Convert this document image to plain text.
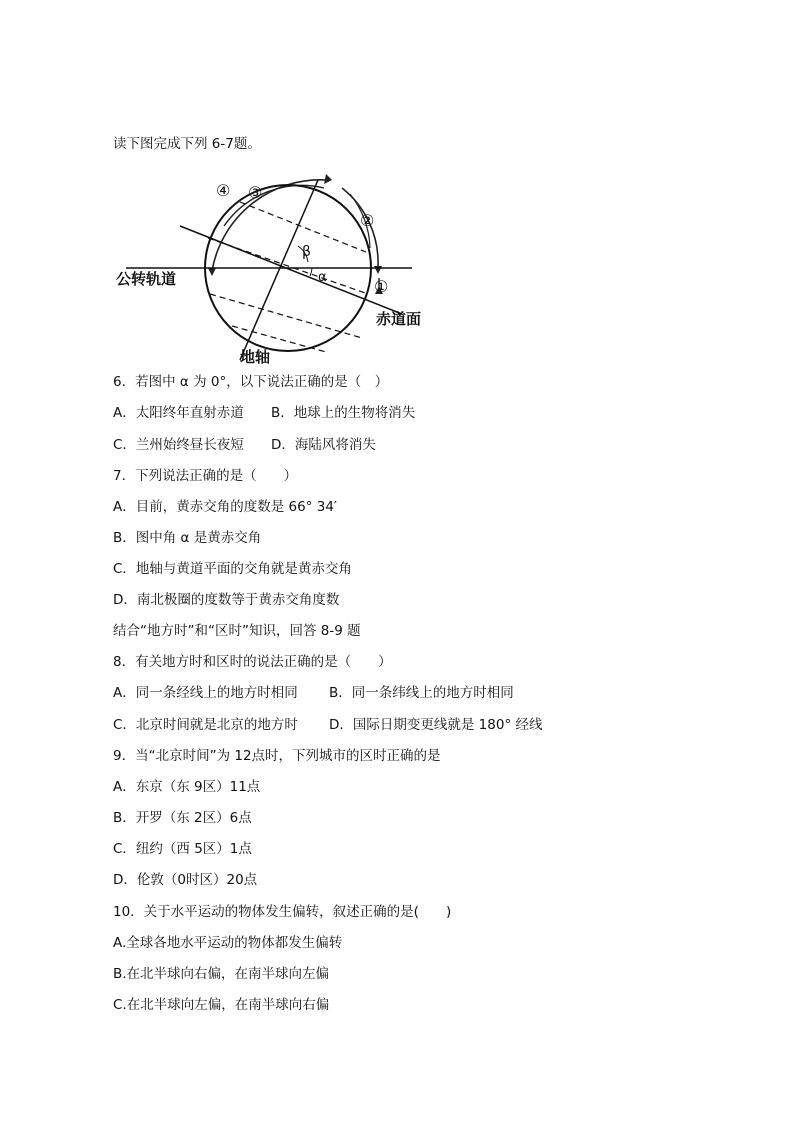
读下图完成下列 6-7题。
公转轨道
赤道面
地轴
β
α
④ ③
②
①
6．若图中 α 为 0°，以下说法正确的是（　）

A．太阳终年直射赤道

B．地球上的生物将消失

C．兰州始终昼长夜短

D．海陆风将消失

7．下列说法正确的是（　　）
A．目前，黄赤交角的度数是 66° 34′
B．图中角 α 是黄赤交角
C．地轴与黄道平面的交角就是黄赤交角
D．南北极圈的度数等于黄赤交角度数
结合“地方时”和“区时”知识，回答 8-9 题
8．有关地方时和区时的说法正确的是（　　）

A．同一条经线上的地方时相同

B．同一条纬线上的地方时相同

C．北京时间就是北京的地方时

D．国际日期变更线就是 180° 经线

9．当“北京时间”为 12点时，下列城市的区时正确的是
A．东京（东 9区）11点
B．开罗（东 2区）6点
C．纽约（西 5区）1点
D．伦敦（0时区）20点
10．关于水平运动的物体发生偏转，叙述正确的是(　　)
A.全球各地水平运动的物体都发生偏转
B.在北半球向右偏，在南半球向左偏
C.在北半球向左偏，在南半球向右偏
